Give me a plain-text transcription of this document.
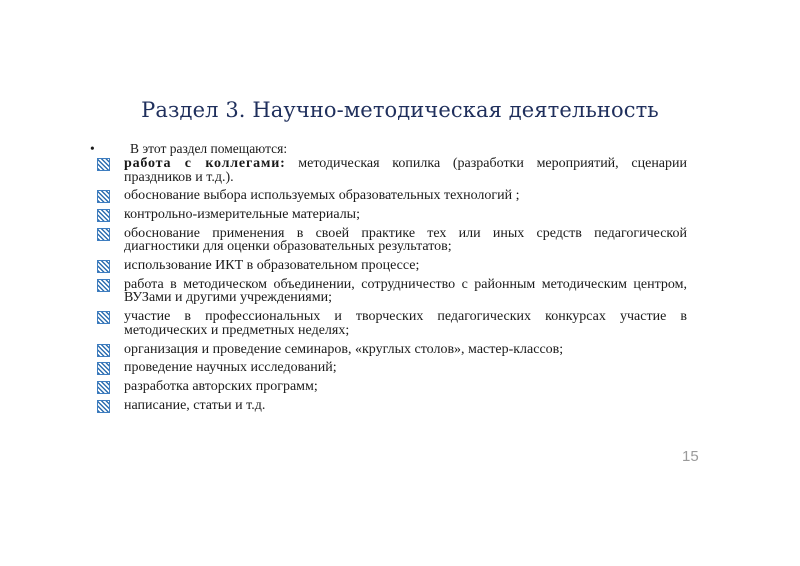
Раздел 3. Научно-методическая деятельность
•	В этот раздел помещаются:
работа с коллегами: методическая копилка (разработки мероприятий, сценарии праздников и т.д.).
обоснование выбора используемых образовательных технологий ;
контрольно-измерительные материалы;
обоснование применения в своей практике тех или иных средств педагогической диагностики для оценки образовательных результатов;
использование ИКТ в образовательном процессе;
работа в методическом объединении, сотрудничество с районным методическим центром, ВУЗами и другими учреждениями;
участие в профессиональных и творческих педагогических конкурсах участие в методических и предметных неделях;
организация и проведение семинаров, «круглых столов», мастер-классов;
проведение научных исследований;
разработка авторских программ;
написание, статьи и т.д.
15
